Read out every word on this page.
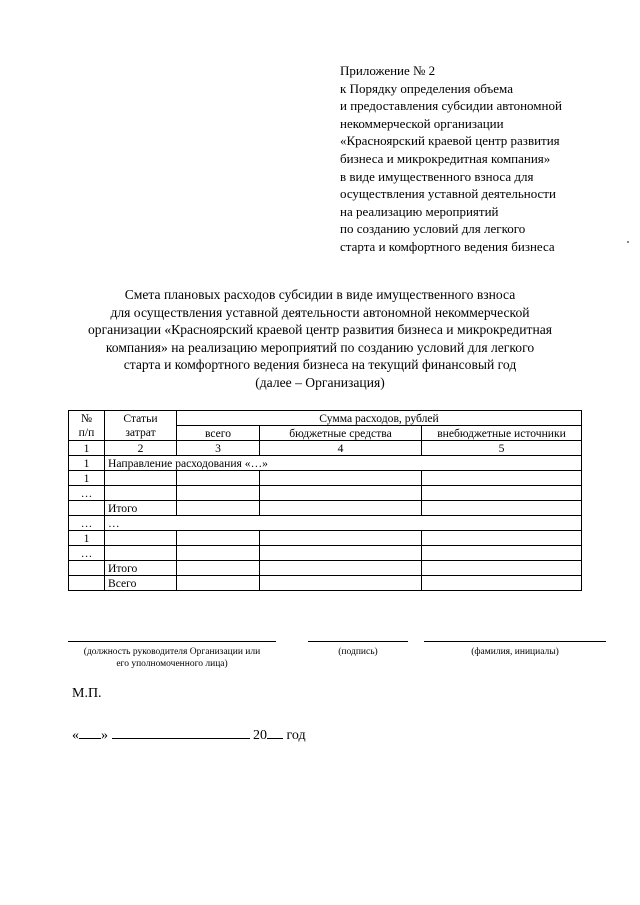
Приложение № 2
к Порядку определения объема
и предоставления субсидии автономной
некоммерческой организации
«Красноярский краевой центр развития
бизнеса и микрокредитная компания»
в виде имущественного взноса для
осуществления уставной деятельности
на реализацию мероприятий
по созданию условий для легкого
старта и комфортного ведения бизнеса
Смета плановых расходов субсидии в виде имущественного взноса
для осуществления уставной деятельности автономной некоммерческой
организации «Красноярский краевой центр развития бизнеса и микрокредитная
компания» на реализацию мероприятий по созданию условий для легкого
старта и комфортного ведения бизнеса на текущий финансовый год
(далее – Организация)
№	Статьи	Сумма расходов, рублей		
п/п	затрат	всего	бюджетные средства	внебюджетные источники
1	2	3	4	5
1	Направление расходования «…»			
1				
…				
	Итого			
…	…			
1				
…				
	Итого			
	Всего			
(должность руководителя Организации или
его уполномоченного лица)
(подпись)	(фамилия, инициалы)
М.П.
« »	20 год
